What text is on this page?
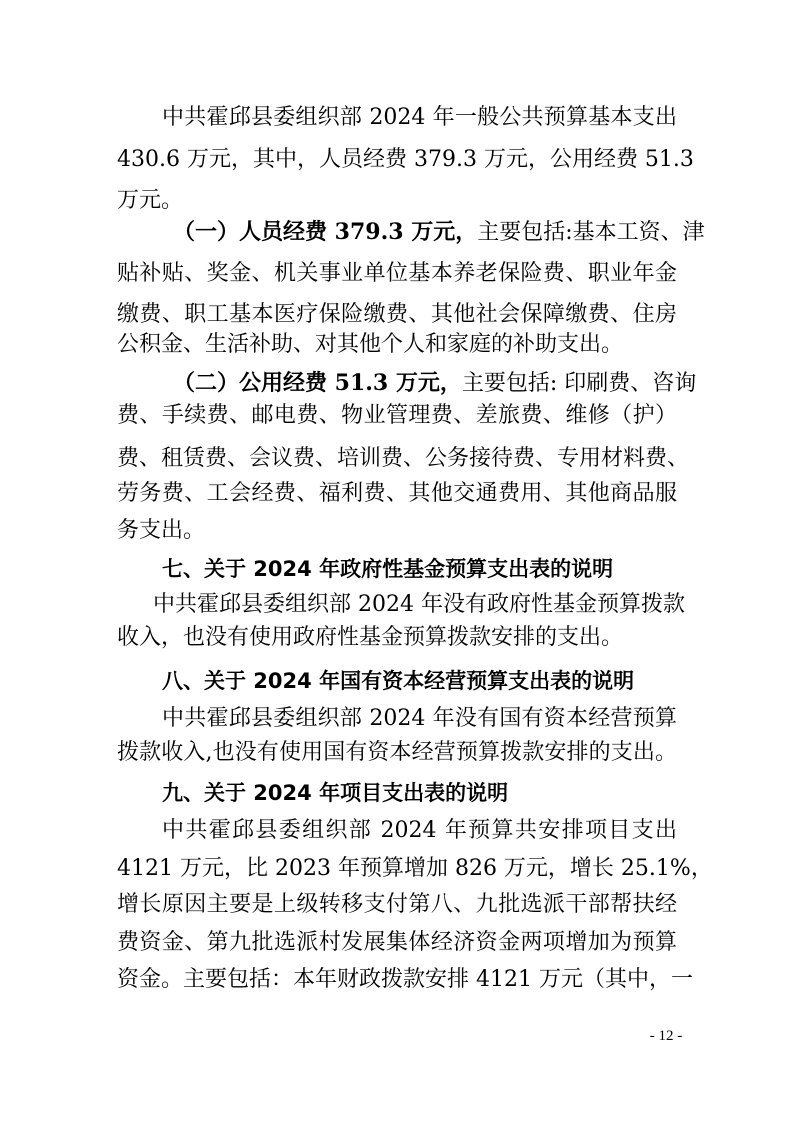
中共霍邱县委组织部 2024 年一般公共预算基本支出
430.6 万元，其中，人员经费 379.3 万元，公用经费 51.3
万元。
（一）人员经费 379.3 万元，主要包括:基本工资、津
贴补贴、奖金、机关事业单位基本养老保险费、职业年金
缴费、职工基本医疗保险缴费、其他社会保障缴费、住房
公积金、生活补助、对其他个人和家庭的补助支出。
（二）公用经费 51.3 万元，主要包括: 印刷费、咨询
费、手续费、邮电费、物业管理费、差旅费、维修（护）
费、租赁费、会议费、培训费、公务接待费、专用材料费、
劳务费、工会经费、福利费、其他交通费用、其他商品服
务支出。
七、关于 2024 年政府性基金预算支出表的说明
中共霍邱县委组织部 2024 年没有政府性基金预算拨款
收入，也没有使用政府性基金预算拨款安排的支出。
八、关于 2024 年国有资本经营预算支出表的说明
中共霍邱县委组织部 2024 年没有国有资本经营预算
拨款收入,也没有使用国有资本经营预算拨款安排的支出。
九、关于 2024 年项目支出表的说明
中共霍邱县委组织部 2024 年预算共安排项目支出
4121 万元，比 2023 年预算增加 826 万元，增长 25.1%，
增长原因主要是上级转移支付第八、九批选派干部帮扶经
费资金、第九批选派村发展集体经济资金两项增加为预算
资金。主要包括：本年财政拨款安排 4121 万元（其中，一
- 12 -
